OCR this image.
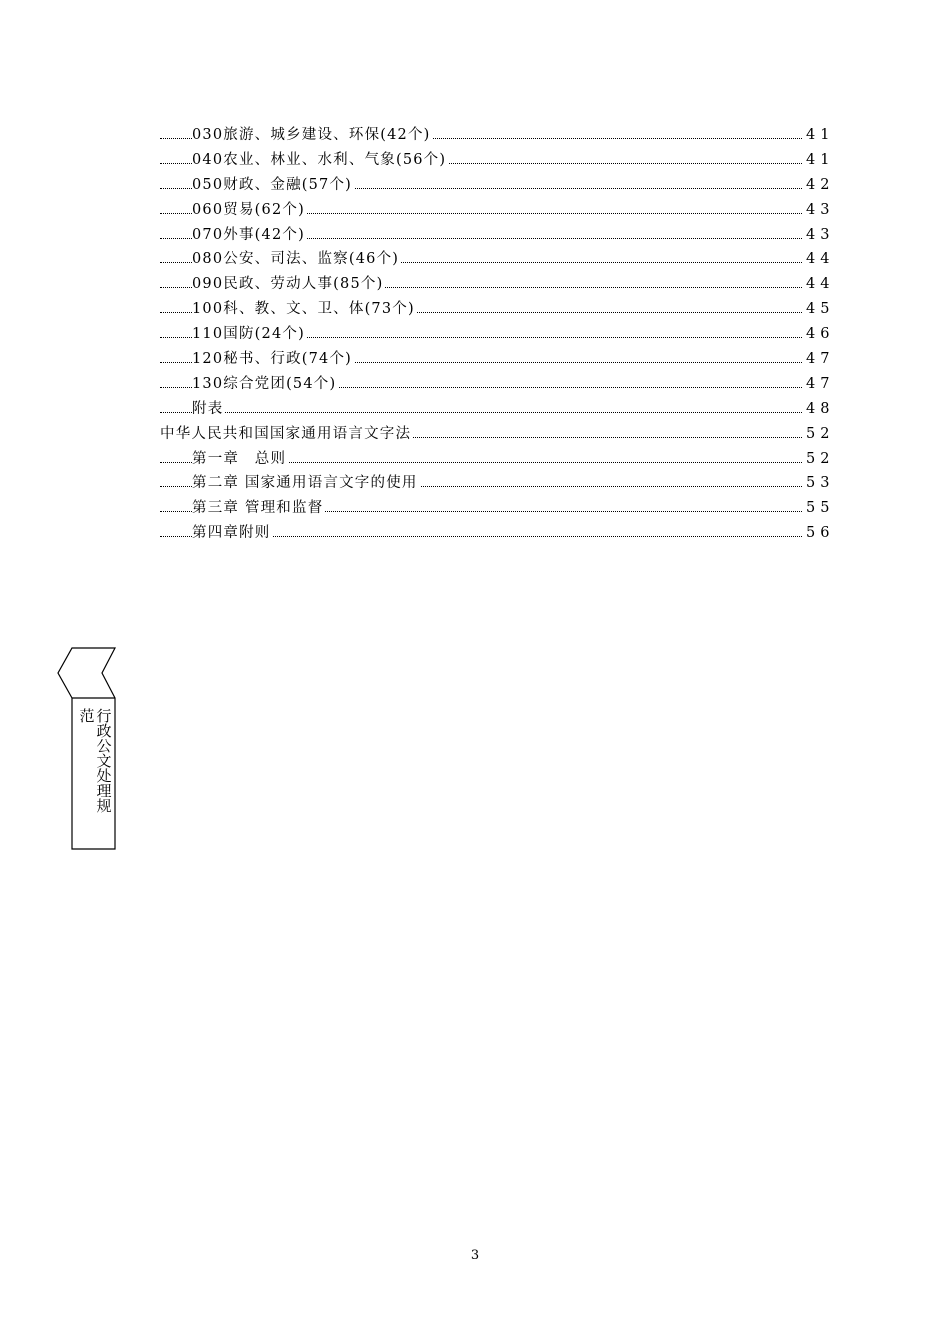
030旅游、城乡建设、环保(42个)	41
040农业、林业、水利、气象(56个)	41
050财政、金融(57个)	42
060贸易(62个)	43
070外事(42个)	43
080公安、司法、监察(46个)	44
090民政、劳动人事(85个)	44
100科、教、文、卫、体(73个)	45
110国防(24个)	46
120秘书、行政(74个)	47
130综合党团(54个)	47
附表	48
中华人民共和国国家通用语言文字法	52
第一章　总则	52
第二章 国家通用语言文字的使用	53
第三章 管理和监督	55
第四章附则	56
范 行政公文处理规
3
